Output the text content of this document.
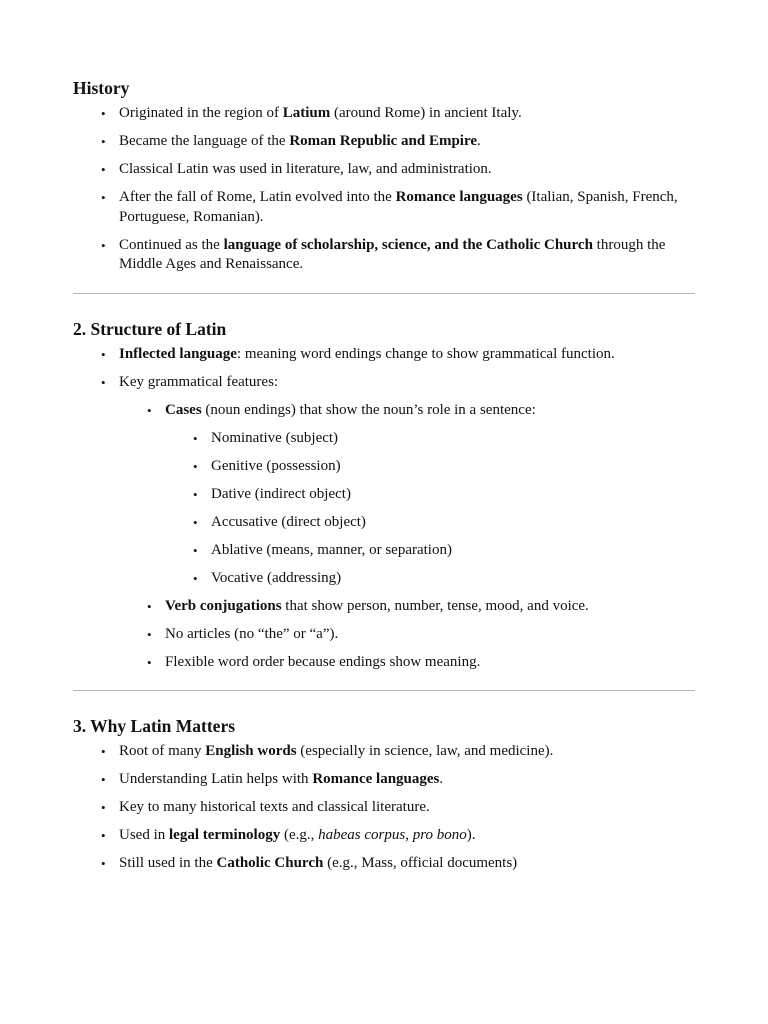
History
• Originated in the region of Latium (around Rome) in ancient Italy.
• Became the language of the Roman Republic and Empire.
• Classical Latin was used in literature, law, and administration.
• After the fall of Rome, Latin evolved into the Romance languages (Italian, Spanish, French, Portuguese, Romanian).
• Continued as the language of scholarship, science, and the Catholic Church through the Middle Ages and Renaissance.
2. Structure of Latin
• Inflected language: meaning word endings change to show grammatical function.
• Key grammatical features:
• Cases (noun endings) that show the noun’s role in a sentence:
• Nominative (subject)
• Genitive (possession)
• Dative (indirect object)
• Accusative (direct object)
• Ablative (means, manner, or separation)
• Vocative (addressing)
• Verb conjugations that show person, number, tense, mood, and voice.
• No articles (no “the” or “a”).
• Flexible word order because endings show meaning.
3. Why Latin Matters
• Root of many English words (especially in science, law, and medicine).
• Understanding Latin helps with Romance languages.
• Key to many historical texts and classical literature.
• Used in legal terminology (e.g., habeas corpus, pro bono).
• Still used in the Catholic Church (e.g., Mass, official documents)
